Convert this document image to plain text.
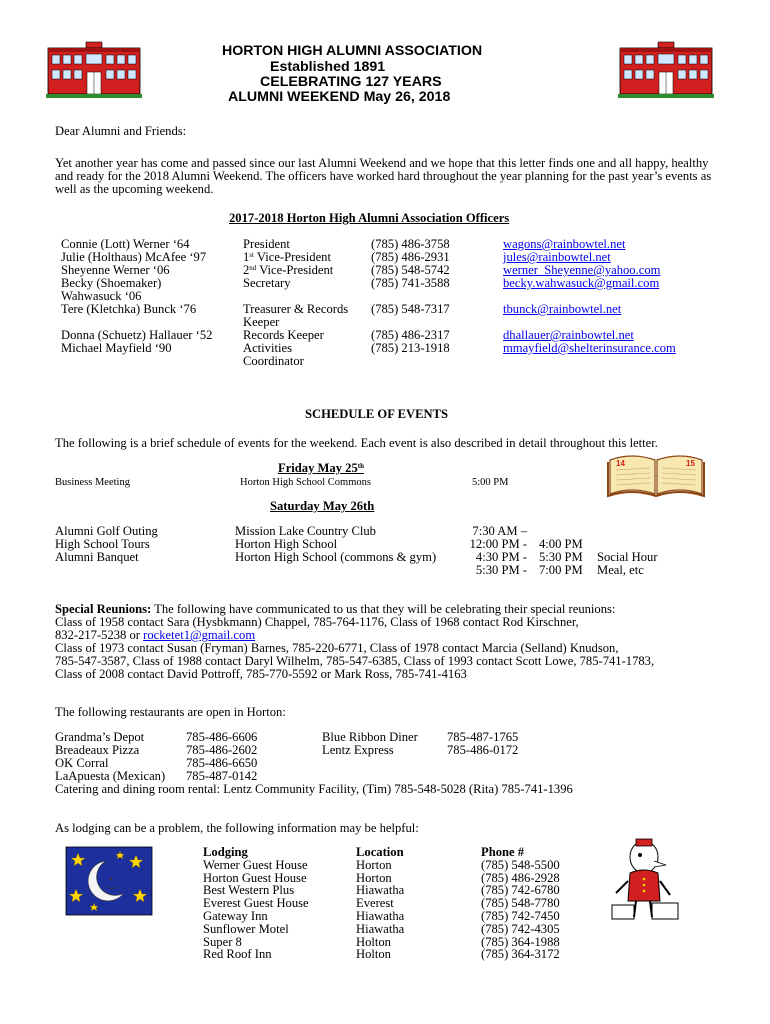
HORTON HIGH ALUMNI ASSOCIATION
Established 1891
CELEBRATING 127 YEARS
ALUMNI WEEKEND May 26, 2018
Dear Alumni and Friends:
Yet another year has come and passed since our last Alumni Weekend and we hope that this letter finds one and all happy, healthy and ready for the 2018 Alumni Weekend. The officers have worked hard throughout the year planning for the past year’s events as well as the upcoming weekend.
2017-2018 Horton High Alumni Association Officers
Connie (Lott) Werner ‘64	President	(785) 486-3758	wagons@rainbowtel.net
Julie (Holthaus) McAfee ‘97	1st Vice-President	(785) 486-2931	jules@rainbowtel.net
Sheyenne Werner ‘06	2nd Vice-President	(785) 548-5742	werner_Sheyenne@yahoo.com
Becky (Shoemaker)	Secretary	(785) 741-3588	becky.wahwasuck@gmail.com
Wahwasuck ‘06
Tere (Kletchka) Bunck ‘76	Treasurer & Records (785) 548-7317	tbunck@rainbowtel.net
Keeper
Donna (Schuetz) Hallauer ‘52 Records Keeper	(785) 486-2317	dhallauer@rainbowtel.net
Michael Mayfield ‘90	Activities	(785) 213-1918	mmayfield@shelterinsurance.com
Coordinator
SCHEDULE OF EVENTS
The following is a brief schedule of events for the weekend. Each event is also described in detail throughout this letter.
Friday May 25th
Business Meeting	Horton High School Commons	5:00 PM
14	15
Saturday May 26th
Alumni Golf Outing	Mission Lake Country Club	7:30 AM –
High School Tours	Horton High School	12:00 PM - 4:00 PM
Alumni Banquet	Horton High School (commons & gym)	4:30 PM - 5:30 PM Social Hour
5:30 PM - 7:00 PM Meal, etc
Special Reunions: The following have communicated to us that they will be celebrating their special reunions:
Class of 1958 contact Sara (Hysbkmann) Chappel, 785-764-1176, Class of 1968 contact Rod Kirschner,
832-217-5238 or rocketet1@gmail.com
Class of 1973 contact Susan (Fryman) Barnes, 785-220-6771, Class of 1978 contact Marcia (Selland) Knudson,
785-547-3587, Class of 1988 contact Daryl Wilhelm, 785-547-6385, Class of 1993 contact Scott Lowe, 785-741-1783,
Class of 2008 contact David Pottroff, 785-770-5592 or Mark Ross, 785-741-4163
The following restaurants are open in Horton:
Grandma’s Depot	785-486-6606	Blue Ribbon Diner 785-487-1765
Breadeaux Pizza	785-486-2602	Lentz Express	785-486-0172
OK Corral	785-486-6650
LaApuesta (Mexican) 785-487-0142
Catering and dining room rental: Lentz Community Facility, (Tim) 785-548-5028 (Rita) 785-741-1396
As lodging can be a problem, the following information may be helpful:
Lodging	Location	Phone #
Werner Guest House	Horton	(785) 548-5500
Horton Guest House	Horton	(785) 486-2928
Best Western Plus	Hiawatha	(785) 742-6780
Everest Guest House	Everest	(785) 548-7780
Gateway Inn	Hiawatha	(785) 742-7450
Sunflower Motel	Hiawatha	(785) 742-4305
Super 8	Holton	(785) 364-1988
Red Roof Inn	Holton	(785) 364-3172
